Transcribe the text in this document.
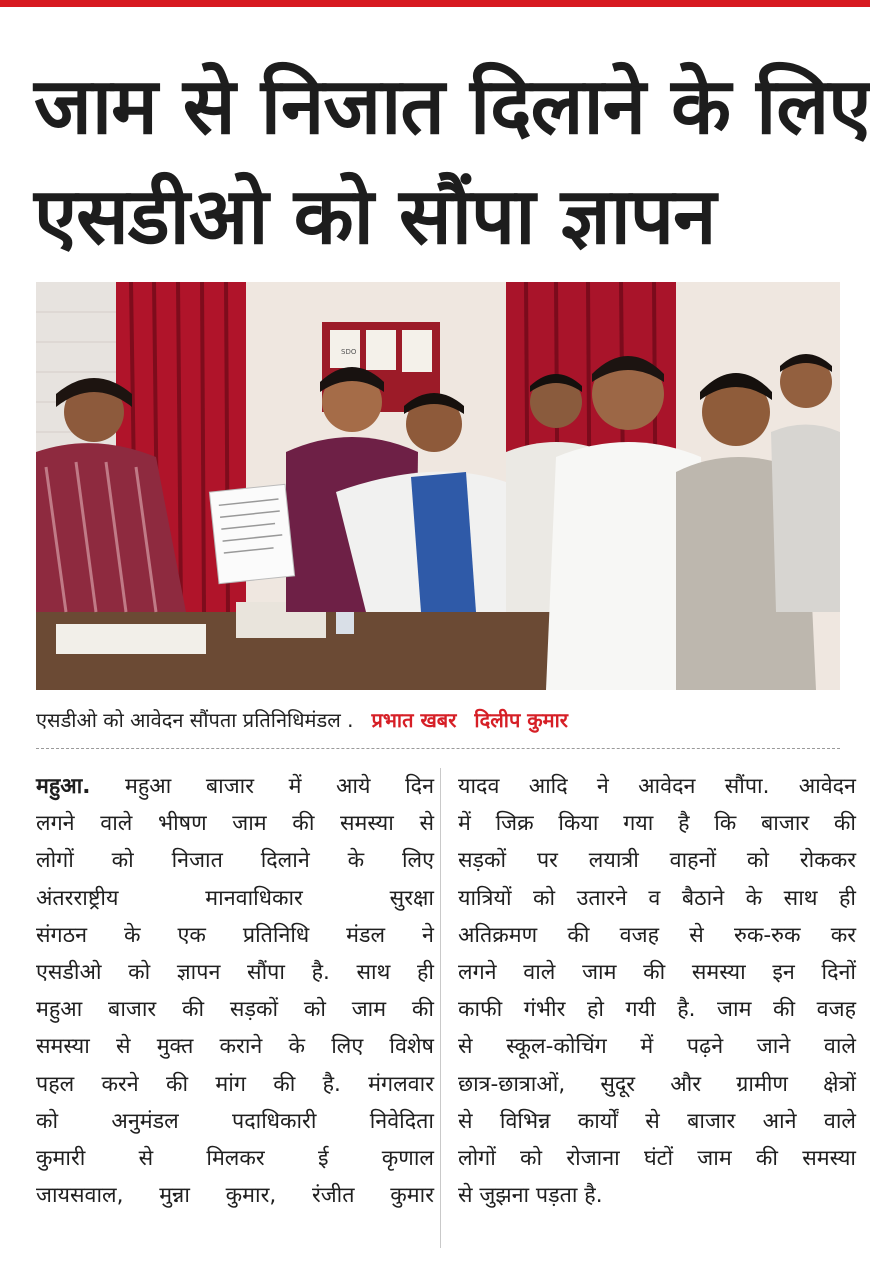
जाम से निजात दिलाने के लिए
एसडीओ को सौंपा ज्ञापन
SDO
एसडीओ को आवेदन सौंपता प्रतिनिधिमंडल . प्रभात खबर दिलीप कुमार
महुआ. महुआ बाजार में आये दिन
लगने वाले भीषण जाम की समस्या से
लोगों को निजात दिलाने के लिए
अंतरराष्ट्रीय मानवाधिकार सुरक्षा
संगठन के एक प्रतिनिधि मंडल ने
एसडीओ को ज्ञापन सौंपा है. साथ ही
महुआ बाजार की सड़कों को जाम की
समस्या से मुक्त कराने के लिए विशेष
पहल करने की मांग की है. मंगलवार
को अनुमंडल पदाधिकारी निवेदिता
कुमारी से मिलकर ई कृणाल
जायसवाल, मुन्ना कुमार, रंजीत कुमार
यादव आदि ने आवेदन सौंपा. आवेदन
में जिक्र किया गया है कि बाजार की
सड़कों पर लयात्री वाहनों को रोककर
यात्रियों को उतारने व बैठाने के साथ ही
अतिक्रमण की वजह से रुक-रुक कर
लगने वाले जाम की समस्या इन दिनों
काफी गंभीर हो गयी है. जाम की वजह
से स्कूल-कोचिंग में पढ़ने जाने वाले
छात्र-छात्राओं, सुदूर और ग्रामीण क्षेत्रों
से विभिन्न कार्यों से बाजार आने वाले
लोगों को रोजाना घंटों जाम की समस्या
से जुझना पड़ता है.
